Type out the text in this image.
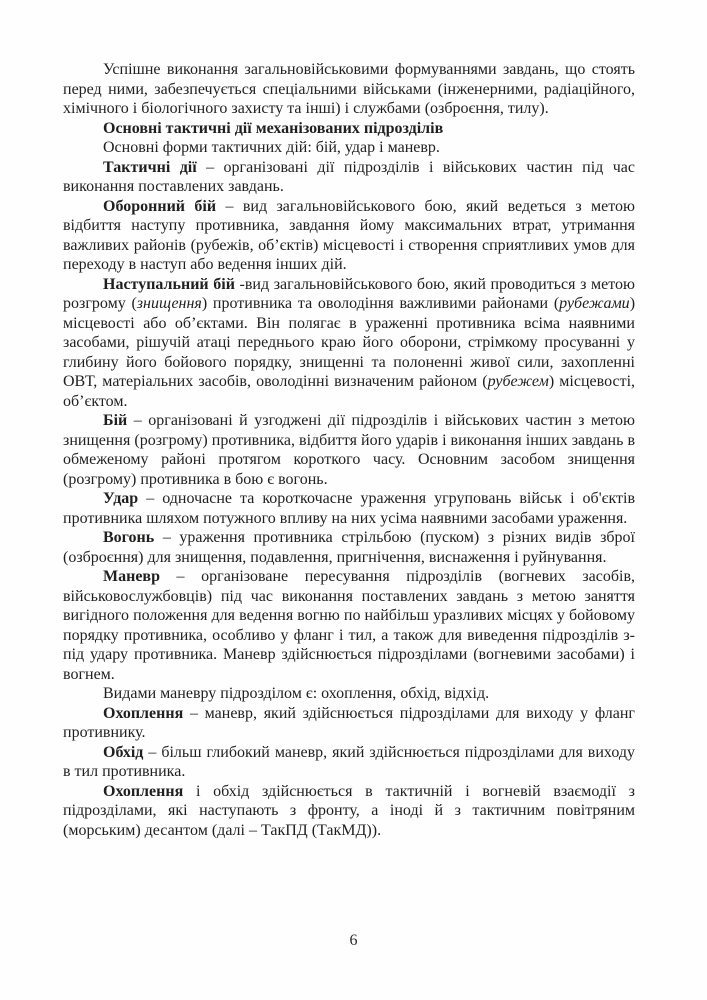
Успішне виконання загальновійськовими формуваннями завдань, що стоять перед ними, забезпечується спеціальними військами (інженерними, радіаційного, хімічного і біологічного захисту та інші) і службами (озброєння, тилу).

Основні тактичні дії механізованих підрозділів

Основні форми тактичних дій: бій, удар і маневр.

Тактичні дії – організовані дії підрозділів і військових частин під час виконання поставлених завдань.

Оборонний бій – вид загальновійськового бою, який ведеться з метою відбиття наступу противника, завдання йому максимальних втрат, утримання важливих районів (рубежів, об’єктів) місцевості і створення сприятливих умов для переходу в наступ або ведення інших дій.

Наступальний бій -вид загальновійськового бою, який проводиться з метою розгрому (знищення) противника та оволодіння важливими районами (рубежами) місцевості або об’єктами. Він полягає в ураженні противника всіма наявними засобами, рішучій атаці переднього краю його оборони, стрімкому просуванні у глибину його бойового порядку, знищенні та полоненні живої сили, захопленні ОВТ, матеріальних засобів, оволодінні визначеним районом (рубежем) місцевості, об’єктом.

Бій – організовані й узгоджені дії підрозділів і військових частин з метою знищення (розгрому) противника, відбиття його ударів і виконання інших завдань в обмеженому районі протягом короткого часу. Основним засобом знищення (розгрому) противника в бою є вогонь.

Удар – одночасне та короткочасне ураження угруповань військ і об'єктів противника шляхом потужного впливу на них усіма наявними засобами ураження.

Вогонь – ураження противника стрільбою (пуском) з різних видів зброї (озброєння) для знищення, подавлення, пригнічення, виснаження і руйнування.

Маневр – організоване пересування підрозділів (вогневих засобів, військовослужбовців) під час виконання поставлених завдань з метою заняття вигідного положення для ведення вогню по найбільш уразливих місцях у бойовому порядку противника, особливо у фланг і тил, а також для виведення підрозділів з-під удару противника. Маневр здійснюється підрозділами (вогневими засобами) і вогнем.

Видами маневру підрозділом є: охоплення, обхід, відхід.

Охоплення – маневр, який здійснюється підрозділами для виходу у фланг противнику.

Обхід – більш глибокий маневр, який здійснюється підрозділами для виходу в тил противника.

Охоплення і обхід здійснюється в тактичній і вогневій взаємодії з підрозділами, які наступають з фронту, а іноді й з тактичним повітряним (морським) десантом (далі – ТакПД (ТакМД)).

6
